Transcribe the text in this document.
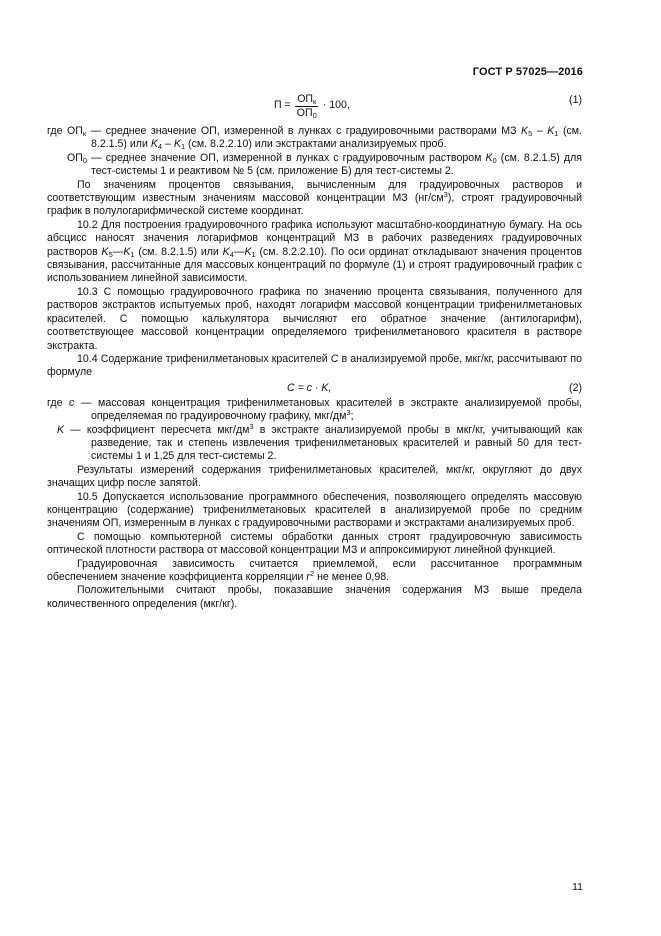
ГОСТ Р 57025—2016
$П = \frac{ОП_к}{ОП_0} \cdot 100$,	(1)

где $ОП_к$ — среднее значение ОП, измеренной в лунках с градуировочными растворами МЗ $K_5 - K_1$ (см. 8.2.1.5) или $K_4 - K_1$ (см. 8.2.2.10) или экстрактами анализируемых проб.

$ОП_0$ — среднее значение ОП, измеренной в лунках с градуировочным раствором $K_0$ (см. 8.2.1.5) для тест-системы 1 и реактивом № 5 (см. приложение Б) для тест-системы 2.

По значениям процентов связывания, вычисленным для градуировочных растворов и соответствующим известным значениям массовой концентрации МЗ $(нг/см^3)$, строят градуировочный график в полулогарифмической системе координат.

10.2 Для построения градуировочного графика используют масштабно-координатную бумагу. На ось абсцисс наносят значения логарифмов концентраций МЗ в рабочих разведениях градуировочных растворов $K_5—K_1$ (см. 8.2.1.5) или $K_4—K_1$ (см. 8.2.2.10). По оси ординат откладывают значения процентов связывания, рассчитанные для массовых концентраций по формуле (1) и строят градуировочный график с использованием линейной зависимости.

10.3 С помощью градуировочного графика по значению процента связывания, полученного для растворов экстрактов испытуемых проб, находят логарифм массовой концентрации трифенилметановых красителей. С помощью калькулятора вычисляют его обратное значение (антилогарифм), соответствующее массовой концентрации определяемого трифенилметанового красителя в растворе экстракта.

10.4 Содержание трифенилметановых красителей C в анализируемой пробе, мкг/кг, рассчитывают по формуле

C = c · K,	(2)

где c — массовая концентрация трифенилметановых красителей в экстракте анализируемой пробы, определяемая по градуировочному графику, мкг/$дм^3$;

K — коэффициент пересчета мкг/$дм^3$ в экстракте анализируемой пробы в мкг/кг, учитывающий как разведение, так и степень извлечения трифенилметановых красителей и равный 50 для тест-системы 1 и 1,25 для тест-системы 2.

Результаты измерений содержания трифенилметановых красителей, мкг/кг, округляют до двух значащих цифр после запятой.

10.5 Допускается использование программного обеспечения, позволяющего определять массовую концентрацию (содержание) трифенилметановых красителей в анализируемой пробе по средним значениям ОП, измеренным в лунках с градуировочными растворами и экстрактами анализируемых проб.

С помощью компьютерной системы обработки данных строят градуировочную зависимость оптической плотности раствора от массовой концентрации МЗ и аппроксимируют линейной функцией.

Градуировочная зависимость считается приемлемой, если рассчитанное программным обеспечением значение коэффициента корреляции $r^2$ не менее 0,98.

Положительными считают пробы, показавшие значения содержания МЗ выше предела количественного определения (мкг/кг).

11
